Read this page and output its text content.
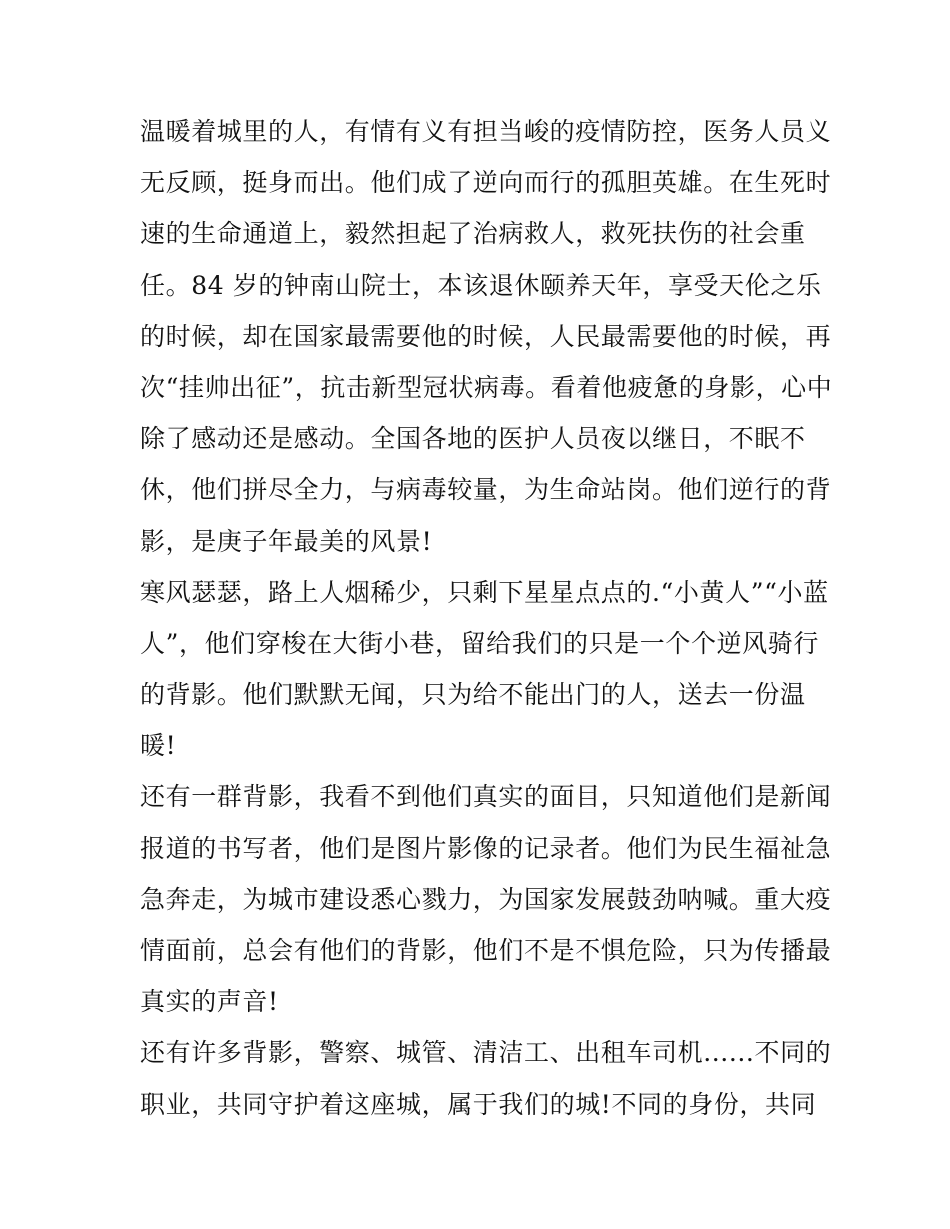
温暖着城里的人，有情有义有担当峻的疫情防控，医务人员义
无反顾，挺身而出。他们成了逆向而行的孤胆英雄。在生死时
速的生命通道上，毅然担起了治病救人，救死扶伤的社会重
任。84 岁的钟南山院士，本该退休颐养天年，享受天伦之乐
的时候，却在国家最需要他的时候，人民最需要他的时候，再
次“挂帅出征”，抗击新型冠状病毒。看着他疲惫的身影，心中
除了感动还是感动。全国各地的医护人员夜以继日，不眠不
休，他们拼尽全力，与病毒较量，为生命站岗。他们逆行的背
影，是庚子年最美的风景!
寒风瑟瑟，路上人烟稀少，只剩下星星点点的.“小黄人”“小蓝
人”，他们穿梭在大街小巷，留给我们的只是一个个逆风骑行
的背影。他们默默无闻，只为给不能出门的人，送去一份温
暖!
还有一群背影，我看不到他们真实的面目，只知道他们是新闻
报道的书写者，他们是图片影像的记录者。他们为民生福祉急
急奔走，为城市建设悉心戮力，为国家发展鼓劲呐喊。重大疫
情面前，总会有他们的背影，他们不是不惧危险，只为传播最
真实的声音!
还有许多背影，警察、城管、清洁工、出租车司机......不同的
职业，共同守护着这座城，属于我们的城!不同的身份，共同
